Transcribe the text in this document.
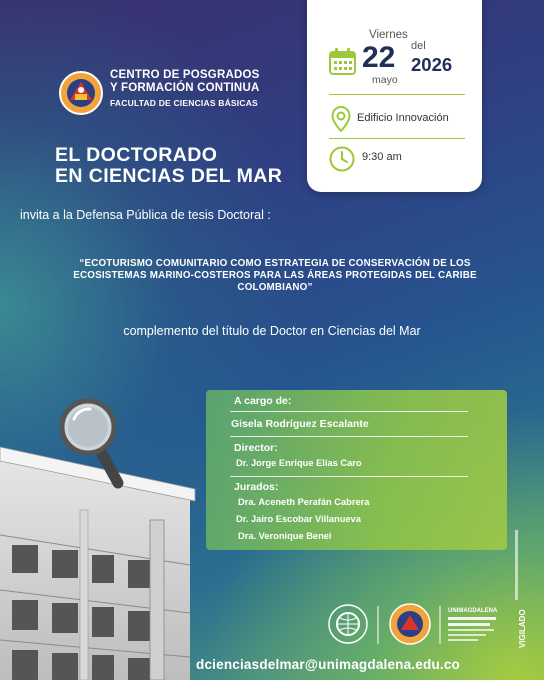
CENTRO DE POSGRADOS
Y FORMACIÓN CONTINUA
FACULTAD DE CIENCIAS BÁSICAS
EL DOCTORADO
EN CIENCIAS DEL MAR
Viernes
22
mayo
del
2026
Edificio Innovación
9:30 am
invita a la Defensa Pública de tesis Doctoral :
“ECOTURISMO COMUNITARIO COMO ESTRATEGIA DE CONSERVACIÓN DE LOS
ECOSISTEMAS MARINO-COSTEROS PARA LAS ÁREAS PROTEGIDAS DEL CARIBE
COLOMBIANO”
complemento del título de Doctor en Ciencias del Mar
A cargo de:
Gisela Rodríguez Escalante
Director:
Dr. Jorge Enrique Elías Caro
Jurados:
Dra. Aceneth Perafán Cabrera
Dr. Jairo Escobar Villanueva
Dra. Veronique Benei
VIGILADO
UNIMAGDALENA
dcienciasdelmar@unimagdalena.edu.co
